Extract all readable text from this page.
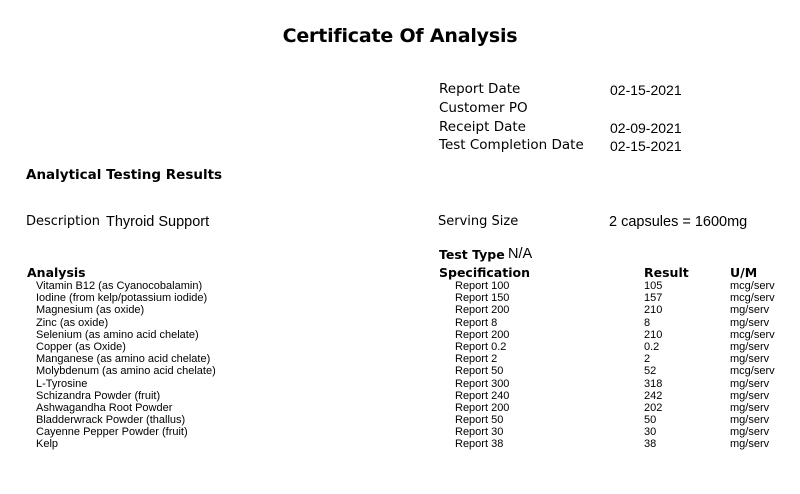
Certificate Of Analysis
Report Date	02-15-2021
Customer PO
Receipt Date	02-09-2021
Test Completion Date 02-15-2021
Analytical Testing Results
Description Thyroid Support	Serving Size	2 capsules = 1600mg
Test Type N/A
Analysis	Specification	Result	U/M
Vitamin B12 (as Cyanocobalamin)	Report 100	105	mcg/serv
Iodine (from kelp/potassium iodide)	Report 150	157	mcg/serv
Magnesium (as oxide)	Report 200	210	mg/serv
Zinc (as oxide)	Report 8	8	mg/serv
Selenium (as amino acid chelate)	Report 200	210	mcg/serv
Copper (as Oxide)	Report 0.2	0.2	mg/serv
Manganese (as amino acid chelate)	Report 2	2	mg/serv
Molybdenum (as amino acid chelate)	Report 50	52	mcg/serv
L-Tyrosine	Report 300	318	mg/serv
Schizandra Powder (fruit)	Report 240	242	mg/serv
Ashwagandha Root Powder	Report 200	202	mg/serv
Bladderwrack Powder (thallus)	Report 50	50	mg/serv
Cayenne Pepper Powder (fruit)	Report 30	30	mg/serv
Kelp	Report 38	38	mg/serv
